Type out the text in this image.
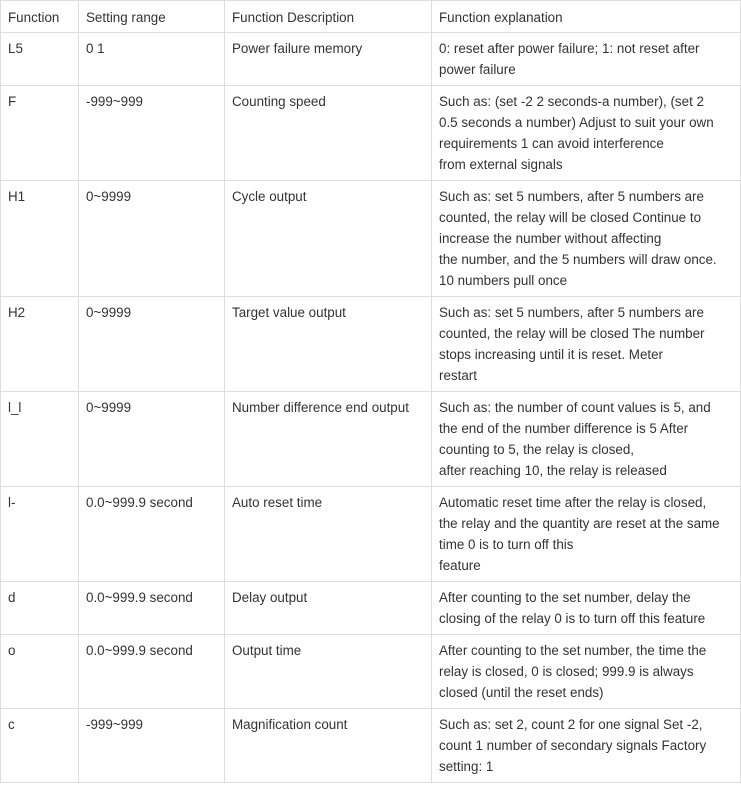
Function	Setting range	Function Description	Function explanation
L5	0 1	Power failure memory	0: reset after power failure; 1: not reset after
power failure
F	-999~999	Counting speed	Such as: (set -2 2 seconds-a number), (set 2
0.5 seconds a number) Adjust to suit your own
requirements 1 can avoid interference
from external signals
H1	0~9999	Cycle output	Such as: set 5 numbers, after 5 numbers are
counted, the relay will be closed Continue to
increase the number without affecting
the number, and the 5 numbers will draw once.
10 numbers pull once
H2	0~9999	Target value output	Such as: set 5 numbers, after 5 numbers are
counted, the relay will be closed The number
stops increasing until it is reset. Meter
restart
l_l	0~9999	Number difference end output	Such as: the number of count values is 5, and
the end of the number difference is 5 After
counting to 5, the relay is closed,
after reaching 10, the relay is released
l-	0.0~999.9 second	Auto reset time	Automatic reset time after the relay is closed,
the relay and the quantity are reset at the same
time 0 is to turn off this
feature
d	0.0~999.9 second	Delay output	After counting to the set number, delay the
closing of the relay 0 is to turn off this feature
o	0.0~999.9 second	Output time	After counting to the set number, the time the
relay is closed, 0 is closed; 999.9 is always
closed (until the reset ends)
c	-999~999	Magnification count	Such as: set 2, count 2 for one signal Set -2,
count 1 number of secondary signals Factory
setting: 1
